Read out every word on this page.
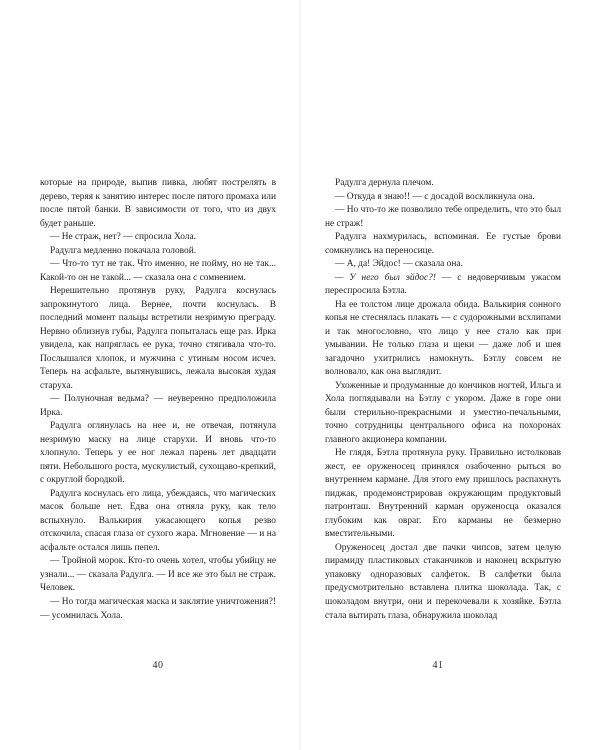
которые на природе, выпив пивка, любят пострелять в дерево, теряя к занятию интерес после пятого промаха или после пятой банки. В зависимости от того, что из двух будет раньше.

— Не страж, нет? — спросила Хола.

Радулга медленно покачала головой.

— Что-то тут не так. Что именно, не пойму, но не так... Какой-то он не такой... — сказала она с сомнением.

Нерешительно протянув руку, Радулга коснулась запрокинутого лица. Вернее, почти коснулась. В последний момент пальцы встретили незримую преграду. Нервно облизнув губы, Радулга попыталась еще раз. Ирка увидела, как напряглась ее рука, точно стягивала что-то. Послышался хлопок, и мужчина с утиным носом исчез. Теперь на асфальте, вытянувшись, лежала высокая худая старуха.

— Полуночная ведьма? — неуверенно предположила Ирка.

Радулга оглянулась на нее и, не отвечая, потянула незримую маску на лице старухи. И вновь что-то хлопнуло. Теперь у ее ног лежал парень лет двадцати пяти. Небольшого роста, мускулистый, сухощаво-крепкий, с округлой бородкой.

Радулга коснулась его лица, убеждаясь, что магических масок больше нет. Едва она отняла руку, как тело вспыхнуло. Валькирия ужасающего копья резво отскочила, спасая глаза от сухого жара. Мгновение — и на асфальте остался лишь пепел.

— Тройной морок. Кто-то очень хотел, чтобы убийцу не узнали... — сказала Радулга. — И все же это был не страж. Человек.

— Но тогда магическая маска и заклятие уничтожения?! — усомнилась Хола.

Радулга дернула плечом.

— Откуда я знаю!! — с досадой воскликнула она.

— Но что-то же позволило тебе определить, что это был не страж!

Радулга нахмурилась, вспоминая. Ее густые брови сомкнулись на переносице.

— А, да! Эйдос! — сказала она.

— У него был эйдос?! — с недоверчивым ужасом переспросила Бэтла.

На ее толстом лице дрожала обида. Валькирия сонного копья не стеснялась плакать — с судорожными всхлипами и так многословно, что лицо у нее стало как при умывании. Не только глаза и щеки — даже лоб и шея загадочно ухитрились намокнуть. Бэтлу совсем не волновало, как она выглядит.

Ухоженные и продуманные до кончиков ногтей, Ильга и Хола поглядывали на Бэтлу с укором. Даже в горе они были стерильно-прекрасными и уместно-печальными, точно сотрудницы центрального офиса на похоронах главного акционера компании.

Не глядя, Бэтла протянула руку. Правильно истолковав жест, ее оруженосец принялся озабоченно рыться во внутреннем кармане. Для этого ему пришлось распахнуть пиджак, продемонстрировав окружающим продуктовый патронташ. Внутренний карман оруженосца оказался глубоким как овраг. Его карманы не безмерно вместительными.

Оруженосец достал две пачки чипсов, затем целую пирамиду пластиковых стаканчиков и наконец вскрытую упаковку одноразовых салфеток. В салфетки была предусмотрительно вставлена плитка шоколада. Так, с шоколадом внутри, они и перекочевали к хозяйке. Бэтла стала вытирать глаза, обнаружила шоколад

40	41
